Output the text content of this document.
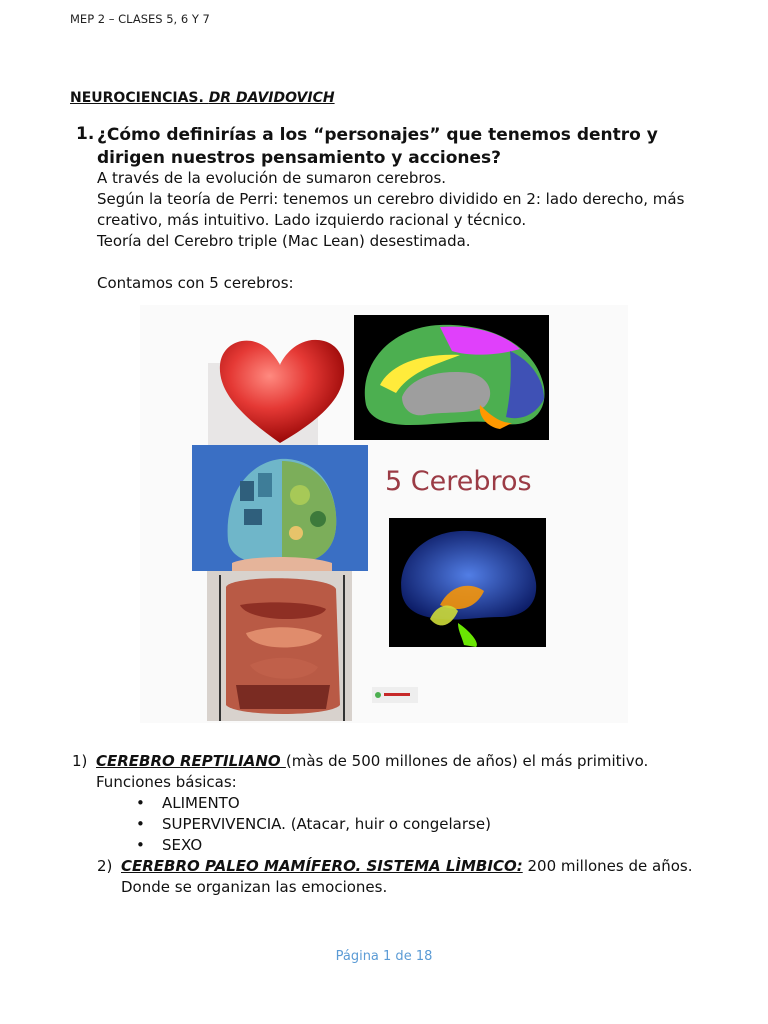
MEP 2 – CLASES 5, 6 Y 7
NEUROCIENCIAS. DR DAVIDOVICH
1. ¿Cómo definirías a los “personajes” que tenemos dentro y dirigen nuestros pensamiento y acciones?
A través de la evolución de sumaron cerebros.
Según la teoría de Perri: tenemos un cerebro dividido en 2: lado derecho, más creativo, más intuitivo. Lado izquierdo racional y técnico.
Teoría del Cerebro triple (Mac Lean) desestimada.
Contamos con 5 cerebros:
5 Cerebros
1) CEREBRO REPTILIANO (màs de 500 millones de años) el más primitivo.
Funciones básicas:
• ALIMENTO
• SUPERVIVENCIA. (Atacar, huir o congelarse)
• SEXO
2) CEREBRO PALEO MAMÍFERO. SISTEMA LÌMBICO: 200 millones de años.
Donde se organizan las emociones.
Página 1 de 18
